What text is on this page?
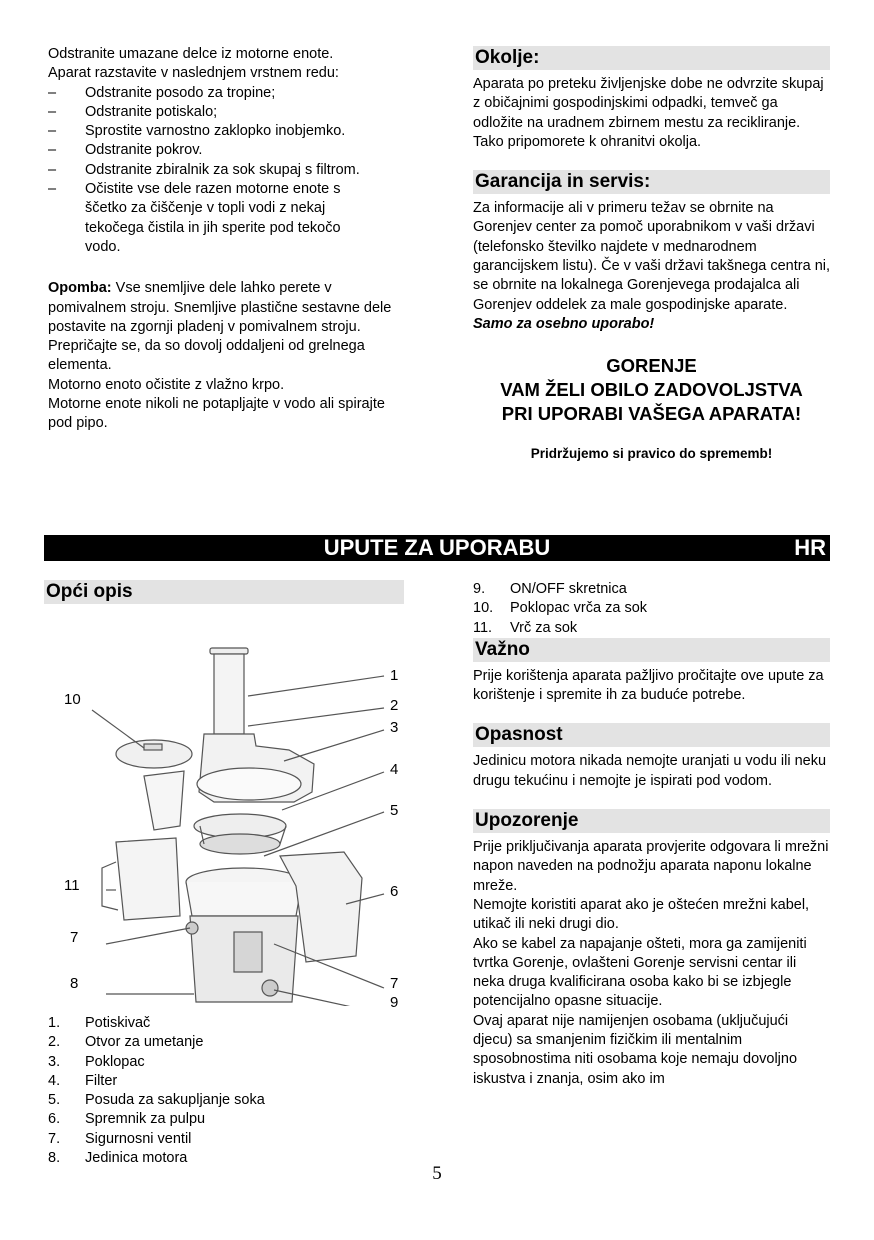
Odstranite umazane delce iz motorne enote.

Aparat razstavite v naslednjem vrstnem redu:

– Odstranite posodo za tropine;
– Odstranite potiskalo;
– Sprostite varnostno zaklopko inobjemko.
– Odstranite pokrov.
– Odstranite zbiralnik za sok skupaj s filtrom.
– Očistite vse dele razen motorne enote s ščetko za čiščenje v topli vodi z nekaj tekočega čistila in jih sperite pod tekočo vodo.

Opomba: Vse snemljive dele lahko perete v pomivalnem stroju. Snemljive plastične sestavne dele postavite na zgornji pladenj v pomivalnem stroju. Prepričajte se, da so dovolj oddaljeni od grelnega elementa.

Motorno enoto očistite z vlažno krpo.

Motorne enote nikoli ne potapljajte v vodo ali spirajte pod pipo.

Okolje:

Aparata po preteku življenjske dobe ne odvrzite skupaj z običajnimi gospodinjskimi odpadki, temveč ga odložite na uradnem zbirnem mestu za recikliranje. Tako pripomorete k ohranitvi okolja.

Garancija in servis:

Za informacije ali v primeru težav se obrnite na Gorenjev center za pomoč uporabnikom v vaši državi (telefonsko številko najdete v mednarodnem garancijskem listu). Če v vaši državi takšnega centra ni, se obrnite na lokalnega Gorenjevega prodajalca ali Gorenjev oddelek za male gospodinjske aparate.

Samo za osebno uporabo!

GORENJE
VAM ŽELI OBILO ZADOVOLJSTVA
PRI UPORABI VAŠEGA APARATA!
Pridržujemo si pravico do sprememb!
UPUTE ZA UPORABU	HR
Opći opis
1
2
3
4
5
6
7
7
8
9
10
11
1. Potiskivač
2. Otvor za umetanje
3. Poklopac
4. Filter
5. Posuda za sakupljanje soka
6. Spremnik za pulpu
7. Sigurnosni ventil
8. Jedinica motora
9. ON/OFF skretnica
10. Poklopac vrča za sok
11. Vrč za sok
Važno

Prije korištenja aparata pažljivo pročitajte ove upute za korištenje i spremite ih za buduće potrebe.

Opasnost

Jedinicu motora nikada nemojte uranjati u vodu ili neku drugu tekućinu i nemojte je ispirati pod vodom.

Upozorenje

Prije priključivanja aparata provjerite odgovara li mrežni napon naveden na podnožju aparata naponu lokalne mreže.

Nemojte koristiti aparat ako je oštećen mrežni kabel, utikač ili neki drugi dio.

Ako se kabel za napajanje ošteti, mora ga zamijeniti tvrtka Gorenje, ovlašteni Gorenje servisni centar ili neka druga kvalificirana osoba kako bi se izbjegle potencijalno opasne situacije.

Ovaj aparat nije namijenjen osobama (uključujući djecu) sa smanjenim fizičkim ili mentalnim sposobnostima niti osobama koje nemaju dovoljno iskustva i znanja, osim ako im

5
